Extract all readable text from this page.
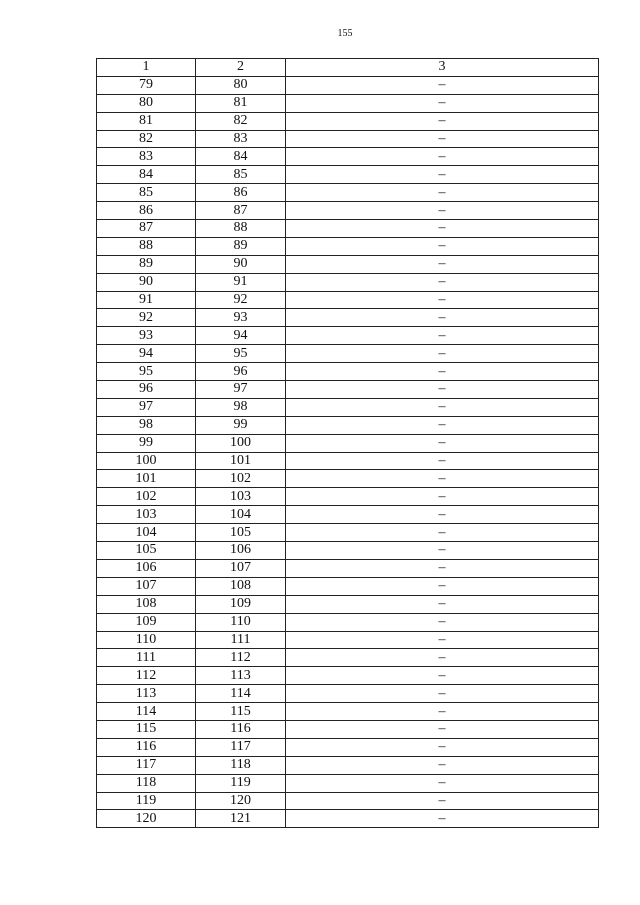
155
1	2	3
79	80	–
80	81	–
81	82	–
82	83	–
83	84	–
84	85	–
85	86	–
86	87	–
87	88	–
88	89	–
89	90	–
90	91	–
91	92	–
92	93	–
93	94	–
94	95	–
95	96	–
96	97	–
97	98	–
98	99	–
99	100	–
100	101	–
101	102	–
102	103	–
103	104	–
104	105	–
105	106	–
106	107	–
107	108	–
108	109	–
109	110	–
110	111	–
111	112	–
112	113	–
113	114	–
114	115	–
115	116	–
116	117	–
117	118	–
118	119	–
119	120	–
120	121	–
